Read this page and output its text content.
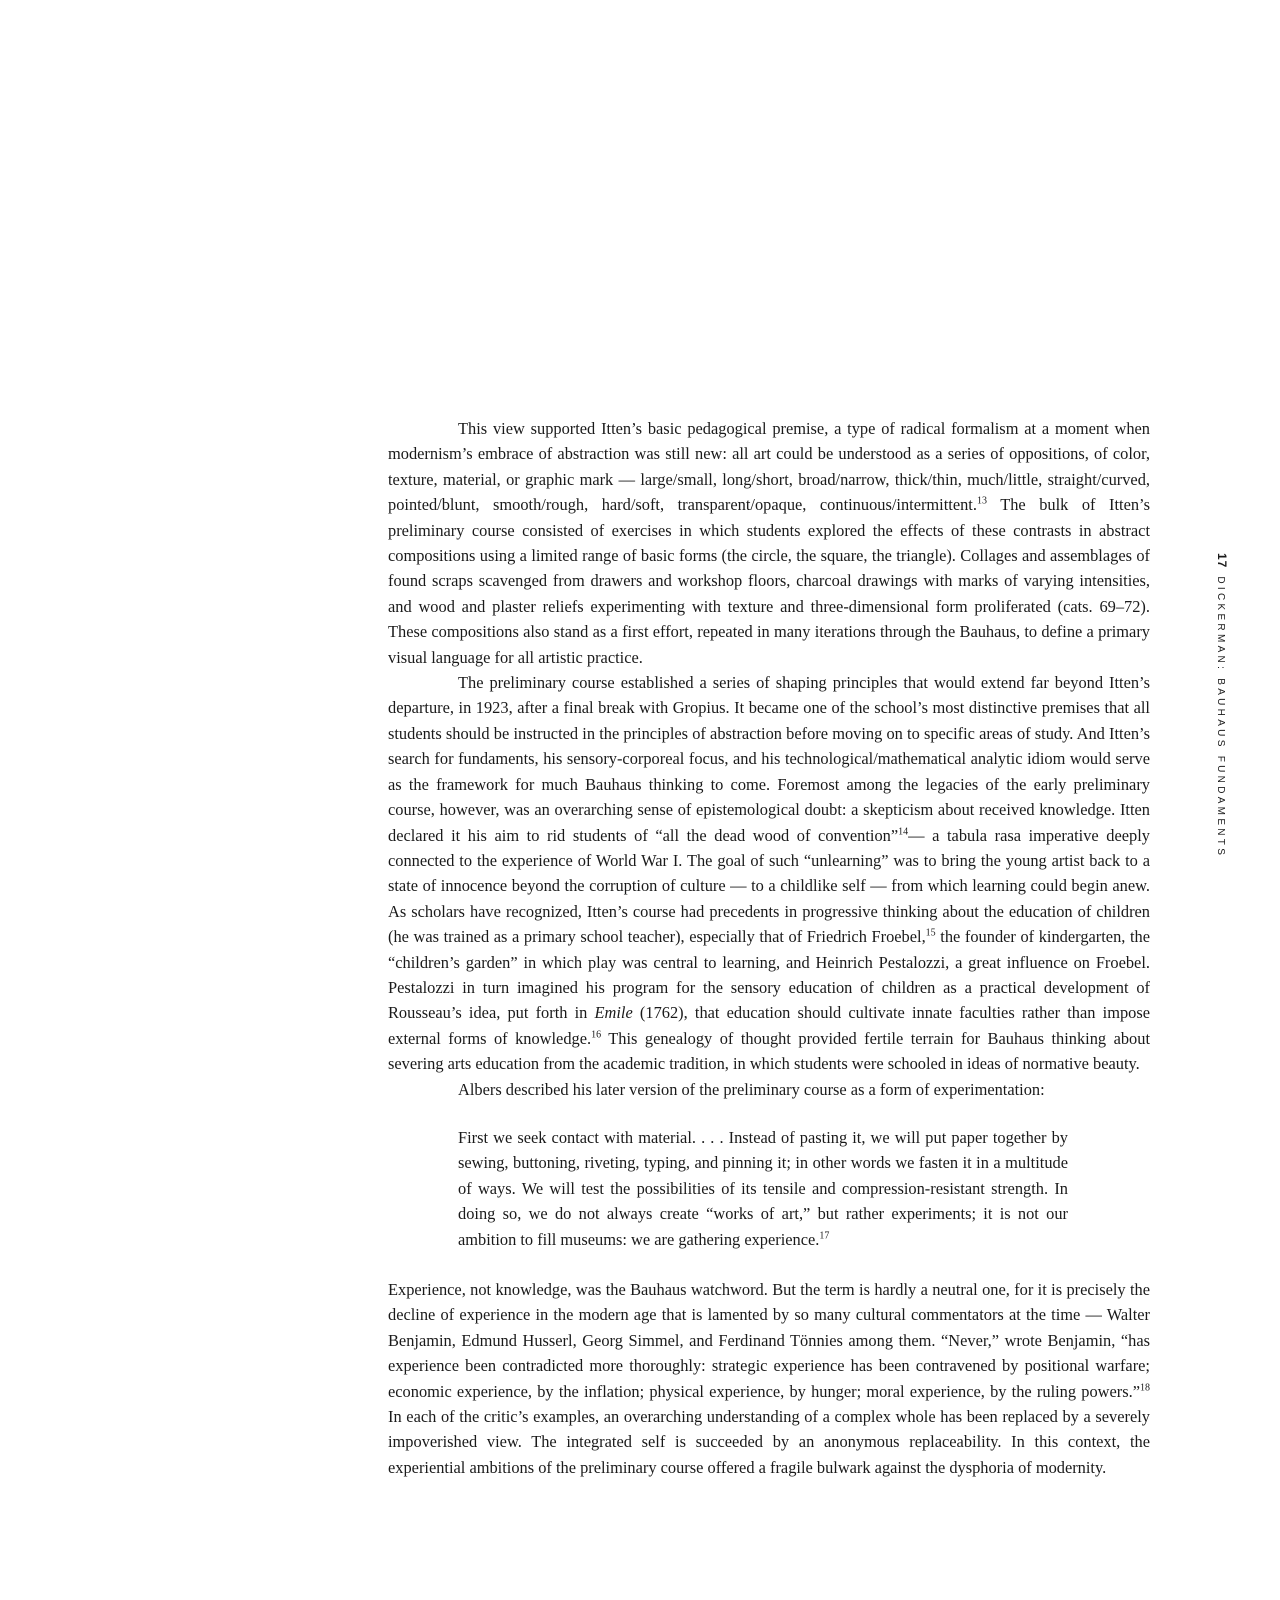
17DICKERMAN: BAUHAUS FUNDAMENTS

This view supported Itten’s basic pedagogical premise, a type of radical formalism at a moment when modernism’s embrace of abstraction was still new: all art could be understood as a series of oppositions, of color, texture, material, or graphic mark — large/small, long/short, broad/narrow, thick/thin, much/little, straight/curved, pointed/blunt, smooth/rough, hard/soft, transparent/opaque, continuous/intermittent.$^{13}$ The bulk of Itten’s preliminary course consisted of exercises in which students explored the effects of these contrasts in abstract compositions using a limited range of basic forms (the circle, the square, the triangle). Collages and assemblages of found scraps scavenged from drawers and workshop floors, charcoal drawings with marks of varying intensities, and wood and plaster reliefs experimenting with texture and three-dimensional form proliferated (cats. 69–72). These compositions also stand as a first effort, repeated in many iterations through the Bauhaus, to define a primary visual language for all artistic practice.

The preliminary course established a series of shaping principles that would extend far beyond Itten’s departure, in 1923, after a final break with Gropius. It became one of the school’s most distinctive premises that all students should be instructed in the principles of abstraction before moving on to specific areas of study. And Itten’s search for fundaments, his sensory-corporeal focus, and his technological/mathematical analytic idiom would serve as the framework for much Bauhaus thinking to come. Foremost among the legacies of the early preliminary course, however, was an overarching sense of epistemological doubt: a skepticism about received knowledge. Itten declared it his aim to rid students of “all the dead wood of convention”$^{14}$— a tabula rasa imperative deeply connected to the experience of World War I. The goal of such “unlearning” was to bring the young artist back to a state of innocence beyond the corruption of culture — to a childlike self — from which learning could begin anew. As scholars have recognized, Itten’s course had precedents in progressive thinking about the education of children (he was trained as a primary school teacher), especially that of Friedrich Froebel,$^{15}$ the founder of kindergarten, the “children’s garden” in which play was central to learning, and Heinrich Pestalozzi, a great influence on Froebel. Pestalozzi in turn imagined his program for the sensory education of children as a practical development of Rousseau’s idea, put forth in Emile (1762), that education should cultivate innate faculties rather than impose external forms of knowledge.$^{16}$ This genealogy of thought provided fertile terrain for Bauhaus thinking about severing arts education from the academic tradition, in which students were schooled in ideas of normative beauty.

Albers described his later version of the preliminary course as a form of experimentation:

First we seek contact with material. . . . Instead of pasting it, we will put paper together by sewing, buttoning, riveting, typing, and pinning it; in other words we fasten it in a multitude of ways. We will test the possibilities of its tensile and compression-resistant strength. In doing so, we do not always create “works of art,” but rather experiments; it is not our ambition to fill museums: we are gathering experience.$^{17}$

Experience, not knowledge, was the Bauhaus watchword. But the term is hardly a neutral one, for it is precisely the decline of experience in the modern age that is lamented by so many cultural commentators at the time — Walter Benjamin, Edmund Husserl, Georg Simmel, and Ferdinand Tönnies among them. “Never,” wrote Benjamin, “has experience been contradicted more thoroughly: strategic experience has been contravened by positional warfare; economic experience, by the inflation; physical experience, by hunger; moral experience, by the ruling powers.”$^{18}$ In each of the critic’s examples, an overarching understanding of a complex whole has been replaced by a severely impoverished view. The integrated self is succeeded by an anonymous replaceability. In this context, the experiential ambitions of the preliminary course offered a fragile bulwark against the dysphoria of modernity.
